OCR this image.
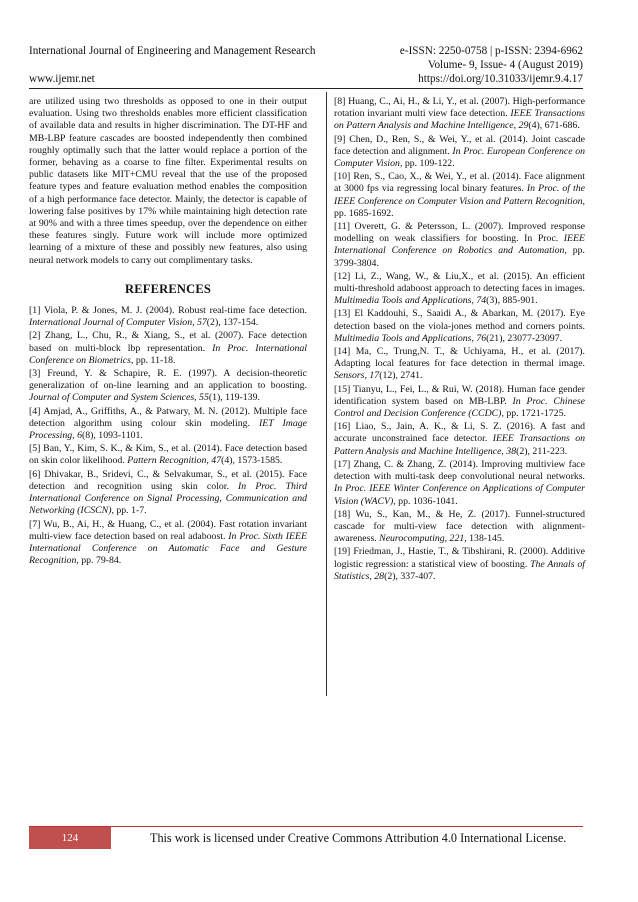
International Journal of Engineering and Management Research	e-ISSN: 2250-0758 | p-ISSN: 2394-6962
Volume- 9, Issue- 4 (August 2019)
www.ijemr.net	https://doi.org/10.31033/ijemr.9.4.17

are utilized using two thresholds as opposed to one in their output evaluation. Using two thresholds enables more efficient classification of available data and results in higher discrimination. The DT-HF and MB-LBP feature cascades are boosted independently then combined roughly optimally such that the latter would replace a portion of the former, behaving as a coarse to fine filter. Experimental results on public datasets like MIT+CMU reveal that the use of the proposed feature types and feature evaluation method enables the composition of a high performance face detector. Mainly, the detector is capable of lowering false positives by 17% while maintaining high detection rate at 90% and with a three times speedup, over the dependence on either these features singly. Future work will include more optimized learning of a mixture of these and possibly new features, also using neural network models to carry out complimentary tasks.

REFERENCES

[1] Viola, P. & Jones, M. J. (2004). Robust real-time face detection. International Journal of Computer Vision, 57(2), 137-154.

[2] Zhang, L., Chu, R., & Xiang, S., et al. (2007). Face detection based on multi-block lbp representation. In Proc. International Conference on Biometrics, pp. 11-18.

[3] Freund, Y. & Schapire, R. E. (1997). A decision-theoretic generalization of on-line learning and an application to boosting. Journal of Computer and System Sciences, 55(1), 119-139.

[4] Amjad, A., Griffiths, A., & Patwary, M. N. (2012). Multiple face detection algorithm using colour skin modeling. IET Image Processing, 6(8), 1093-1101.

[5] Ban, Y., Kim, S. K., & Kim, S., et al. (2014). Face detection based on skin color likelihood. Pattern Recognition, 47(4), 1573-1585.

[6] Dhivakar, B., Sridevi, C., & Selvakumar, S., et al. (2015). Face detection and recognition using skin color. In Proc. Third International Conference on Signal Processing, Communication and Networking (ICSCN), pp. 1-7.

[7] Wu, B., Ai, H., & Huang, C., et al. (2004). Fast rotation invariant multi-view face detection based on real adaboost. In Proc. Sixth IEEE International Conference on Automatic Face and Gesture Recognition, pp. 79-84.

[8] Huang, C., Ai, H., & Li, Y., et al. (2007). High-performance rotation invariant multi view face detection. IEEE Transactions on Pattern Analysis and Machine Intelligence, 29(4), 671-686.

[9] Chen, D., Ren, S., & Wei, Y., et al. (2014). Joint cascade face detection and alignment. In Proc. European Conference on Computer Vision, pp. 109-122.

[10] Ren, S., Cao, X., & Wei, Y., et al. (2014). Face alignment at 3000 fps via regressing local binary features. In Proc. of the IEEE Conference on Computer Vision and Pattern Recognition, pp. 1685-1692.

[11] Overett, G. & Petersson, L. (2007). Improved response modelling on weak classifiers for boosting. In Proc. IEEE International Conference on Robotics and Automation, pp. 3799-3804.

[12] Li, Z., Wang, W., & Liu,X., et al. (2015). An efficient multi-threshold adaboost approach to detecting faces in images. Multimedia Tools and Applications, 74(3), 885-901.

[13] El Kaddouhi, S., Saaidi A., & Abarkan, M. (2017). Eye detection based on the viola-jones method and corners points. Multimedia Tools and Applications, 76(21), 23077-23097.

[14] Ma, C., Trung,N. T., & Uchiyama, H., et al. (2017). Adapting local features for face detection in thermal image. Sensors, 17(12), 2741.

[15] Tianyu, L., Fei, L., & Rui, W. (2018). Human face gender identification system based on MB-LBP. In Proc. Chinese Control and Decision Conference (CCDC), pp. 1721-1725.

[16] Liao, S., Jain, A. K., & Li, S. Z. (2016). A fast and accurate unconstrained face detector. IEEE Transactions on Pattern Analysis and Machine Intelligence, 38(2), 211-223.

[17] Zhang, C. & Zhang, Z. (2014). Improving multiview face detection with multi-task deep convolutional neural networks. In Proc. IEEE Winter Conference on Applications of Computer Vision (WACV), pp. 1036-1041.

[18] Wu, S., Kan, M., & He, Z. (2017). Funnel-structured cascade for multi-view face detection with alignment-awareness. Neurocomputing, 221, 138-145.

[19] Friedman, J., Hastie, T., & Tibshirani, R. (2000). Additive logistic regression: a statistical view of boosting. The Annals of Statistics, 28(2), 337-407.

124	This work is licensed under Creative Commons Attribution 4.0 International License.
